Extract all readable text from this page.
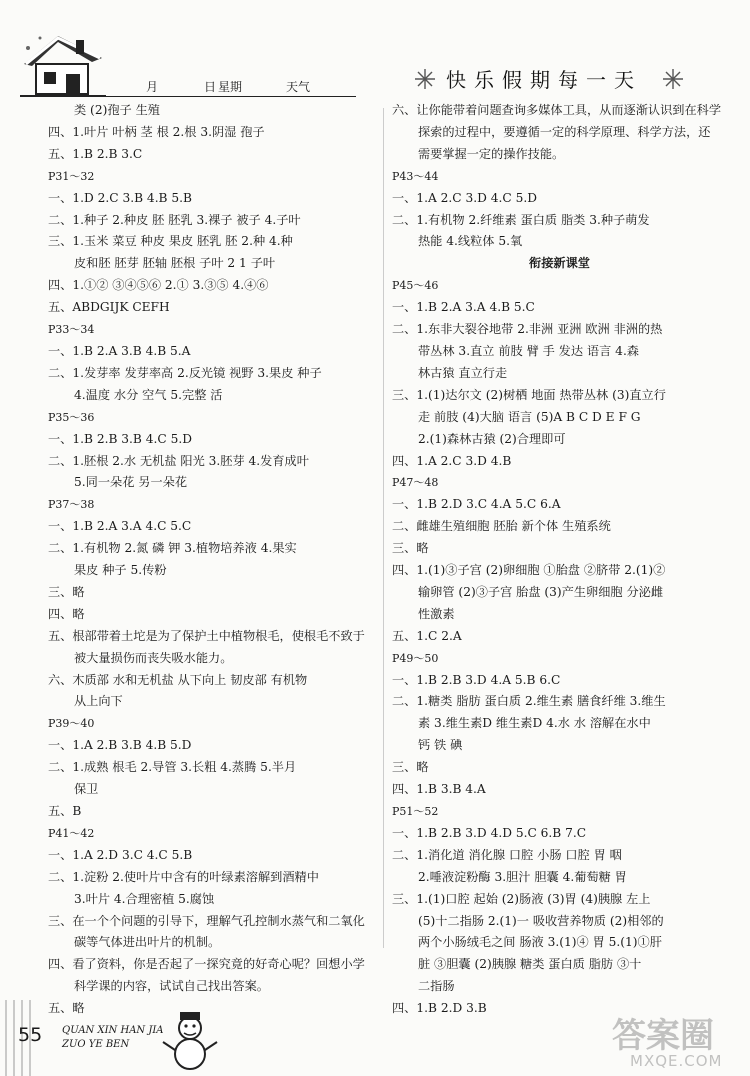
月	日 星期	天气	快乐假期每一天
类 (2)孢子 生殖
四、1.叶片 叶柄 茎 根 2.根 3.阴湿 孢子
五、1.B 2.B 3.C
P31～32
一、1.D 2.C 3.B 4.B 5.B
二、1.种子 2.种皮 胚 胚乳 3.裸子 被子 4.子叶
三、1.玉米 菜豆 种皮 果皮 胚乳 胚 2.种 4.种
皮和胚 胚芽 胚轴 胚根 子叶 2 1 子叶
四、1.①② ③④⑤⑥ 2.① 3.③⑤ 4.④⑥
五、ABDGIJK CEFH
P33～34
一、1.B 2.A 3.B 4.B 5.A
二、1.发芽率 发芽率高 2.反光镜 视野 3.果皮 种子
4.温度 水分 空气 5.完整 活
P35～36
一、1.B 2.B 3.B 4.C 5.D
二、1.胚根 2.水 无机盐 阳光 3.胚芽 4.发育成叶
5.同一朵花 另一朵花
P37～38
一、1.B 2.A 3.A 4.C 5.C
二、1.有机物 2.氮 磷 钾 3.植物培养液 4.果实
果皮 种子 5.传粉
三、略
四、略
五、根部带着土坨是为了保护土中植物根毛，使根毛不致于
被大量损伤而丧失吸水能力。
六、木质部 水和无机盐 从下向上 韧皮部 有机物
从上向下
P39～40
一、1.A 2.B 3.B 4.B 5.D
二、1.成熟 根毛 2.导管 3.长粗 4.蒸腾 5.半月
保卫
五、B
P41～42
一、1.A 2.D 3.C 4.C 5.B
二、1.淀粉 2.使叶片中含有的叶绿素溶解到酒精中
3.叶片 4.合理密植 5.腐蚀
三、在一个个问题的引导下，理解气孔控制水蒸气和二氧化
碳等气体进出叶片的机制。
四、看了资料，你是否起了一探究竟的好奇心呢？回想小学
科学课的内容，试试自己找出答案。
五、略
六、让你能带着问题查询多媒体工具，从而逐渐认识到在科学
探索的过程中，要遵循一定的科学原理、科学方法，还
需要掌握一定的操作技能。
P43～44
一、1.A 2.C 3.D 4.C 5.D
二、1.有机物 2.纤维素 蛋白质 脂类 3.种子萌发
热能 4.线粒体 5.氧
衔接新课堂
P45～46
一、1.B 2.A 3.A 4.B 5.C
二、1.东非大裂谷地带 2.非洲 亚洲 欧洲 非洲的热
带丛林 3.直立 前肢 臂 手 发达 语言 4.森
林古猿 直立行走
三、1.(1)达尔文 (2)树栖 地面 热带丛林 (3)直立行
走 前肢 (4)大脑 语言 (5)A B C D E F G
2.(1)森林古猿 (2)合理即可
四、1.A 2.C 3.D 4.B
P47～48
一、1.B 2.D 3.C 4.A 5.C 6.A
二、雌雄生殖细胞 胚胎 新个体 生殖系统
三、略
四、1.(1)③子宫 (2)卵细胞 ①胎盘 ②脐带 2.(1)②
输卵管 (2)③子宫 胎盘 (3)产生卵细胞 分泌雌
性激素
五、1.C 2.A
P49～50
一、1.B 2.B 3.D 4.A 5.B 6.C
二、1.糖类 脂肪 蛋白质 2.维生素 膳食纤维 3.维生
素 3.维生素D 维生素D 4.水 水 溶解在水中
钙 铁 碘
三、略
四、1.B 3.B 4.A
P51～52
一、1.B 2.B 3.D 4.D 5.C 6.B 7.C
二、1.消化道 消化腺 口腔 小肠 口腔 胃 咽
2.唾液淀粉酶 3.胆汁 胆囊 4.葡萄糖 胃
三、1.(1)口腔 起始 (2)肠液 (3)胃 (4)胰腺 左上
(5)十二指肠 2.(1)一 吸收营养物质 (2)相邻的
两个小肠绒毛之间 肠液 3.(1)④ 胃 5.(1)①肝
脏 ③胆囊 (2)胰腺 糖类 蛋白质 脂肪 ③十
二指肠
四、1.B 2.D 3.B
55 QUAN XIN HAN JIA
ZUO YE BEN	答案圈
MXQE.COM
